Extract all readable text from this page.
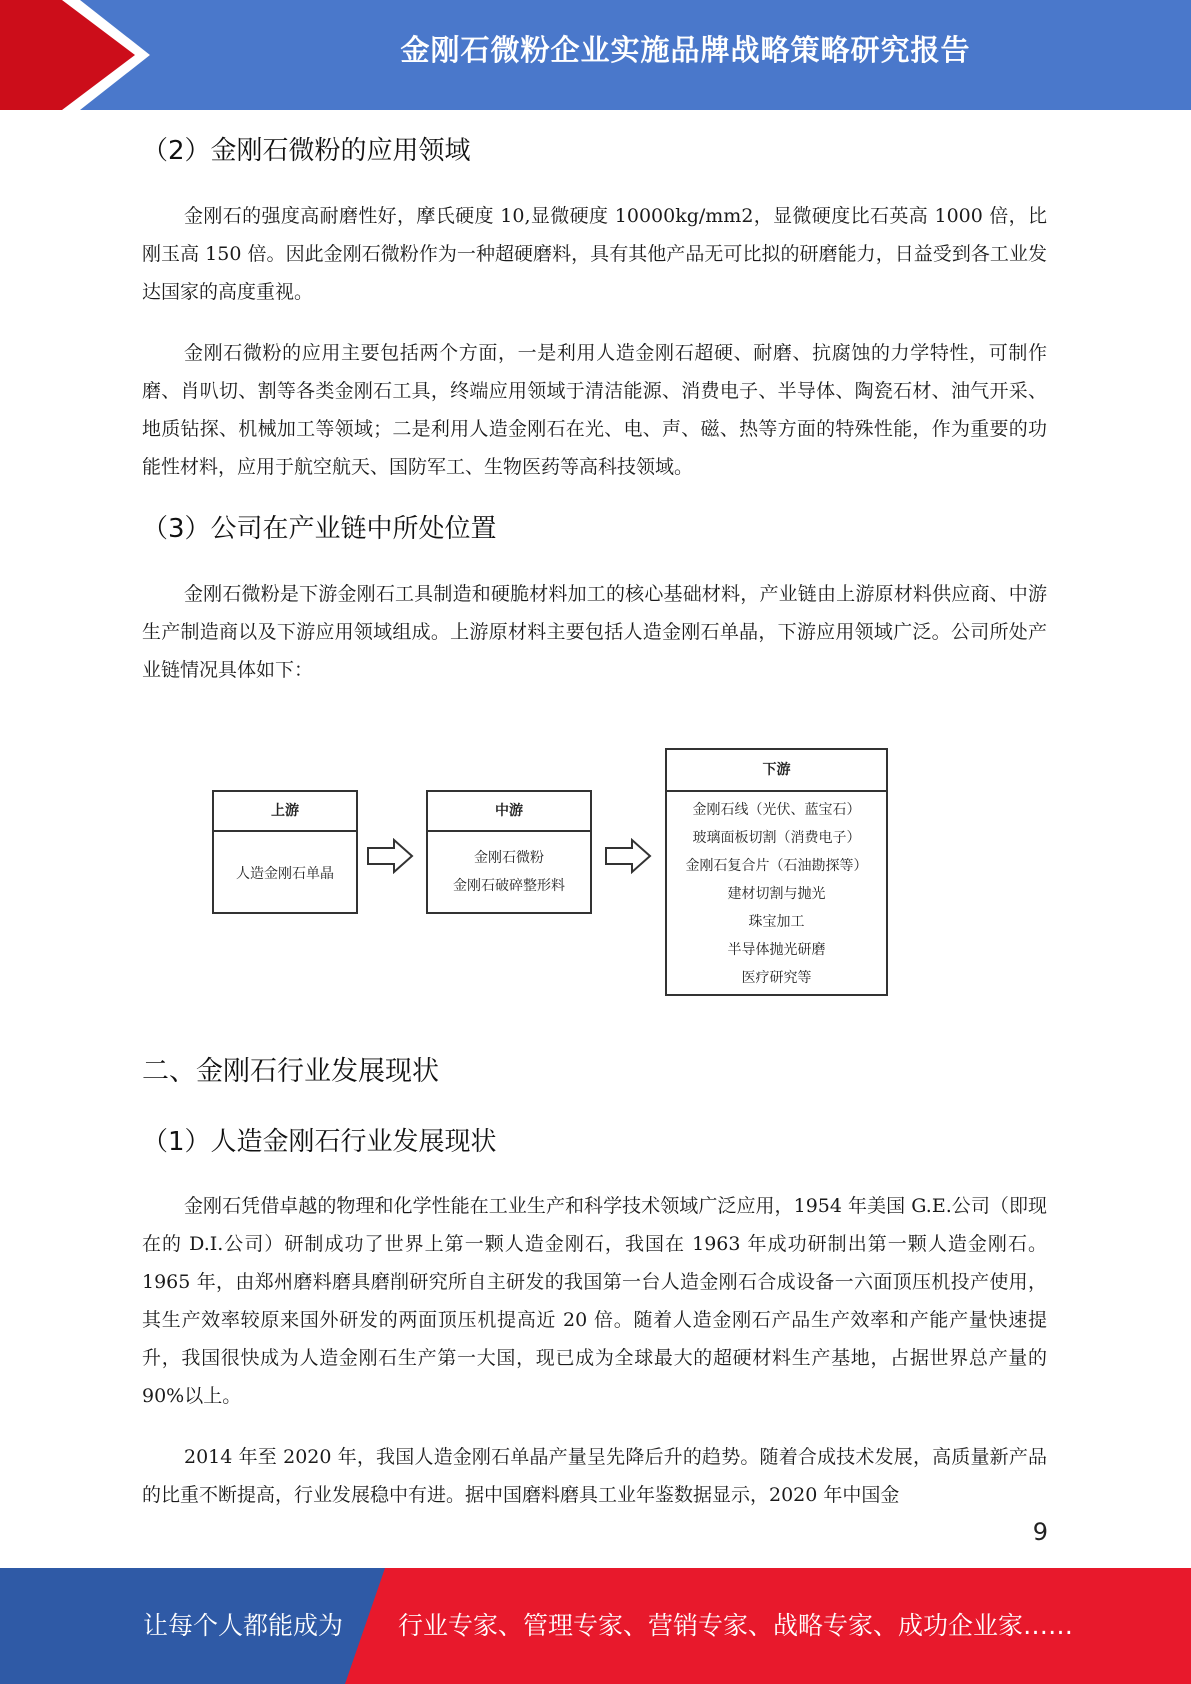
金刚石微粉企业实施品牌战略策略研究报告
（2）金刚石微粉的应用领域

金刚石的强度高耐磨性好，摩氏硬度 10,显微硬度 10000kg/mm2，显微硬度比石英高 1000 倍，比刚玉高 150 倍。因此金刚石微粉作为一种超硬磨料，具有其他产品无可比拟的研磨能力，日益受到各工业发达国家的高度重视。

金刚石微粉的应用主要包括两个方面，一是利用人造金刚石超硬、耐磨、抗腐蚀的力学特性，可制作磨、肖叭切、割等各类金刚石工具，终端应用领域于清洁能源、消费电子、半导体、陶瓷石材、油气开采、地质钻探、机械加工等领域；二是利用人造金刚石在光、电、声、磁、热等方面的特殊性能，作为重要的功能性材料，应用于航空航天、国防军工、生物医药等高科技领域。

（3）公司在产业链中所处位置

金刚石微粉是下游金刚石工具制造和硬脆材料加工的核心基础材料，产业链由上游原材料供应商、中游生产制造商以及下游应用领域组成。上游原材料主要包括人造金刚石单晶，下游应用领域广泛。公司所处产业链情况具体如下：

上游
人造金刚石单晶
中游
金刚石微粉
金刚石破碎整形料
下游
金刚石线（光伏、蓝宝石）
玻璃面板切割（消费电子）
金刚石复合片（石油勘探等）
建材切割与抛光
珠宝加工
半导体抛光研磨
医疗研究等
二、金刚石行业发展现状
（1）人造金刚石行业发展现状

金刚石凭借卓越的物理和化学性能在工业生产和科学技术领域广泛应用，1954 年美国 G.E.公司（即现在的 D.I.公司）研制成功了世界上第一颗人造金刚石，我国在 1963 年成功研制出第一颗人造金刚石。1965 年，由郑州磨料磨具磨削研究所自主研发的我国第一台人造金刚石合成设备一六面顶压机投产使用，其生产效率较原来国外研发的两面顶压机提高近 20 倍。随着人造金刚石产品生产效率和产能产量快速提升，我国很快成为人造金刚石生产第一大国，现已成为全球最大的超硬材料生产基地，占据世界总产量的 90%以上。

2014 年至 2020 年，我国人造金刚石单晶产量呈先降后升的趋势。随着合成技术发展，高质量新产品的比重不断提高，行业发展稳中有进。据中国磨料磨具工业年鉴数据显示，2020 年中国金

9
让每个人都能成为 行业专家、管理专家、营销专家、战略专家、成功企业家……
